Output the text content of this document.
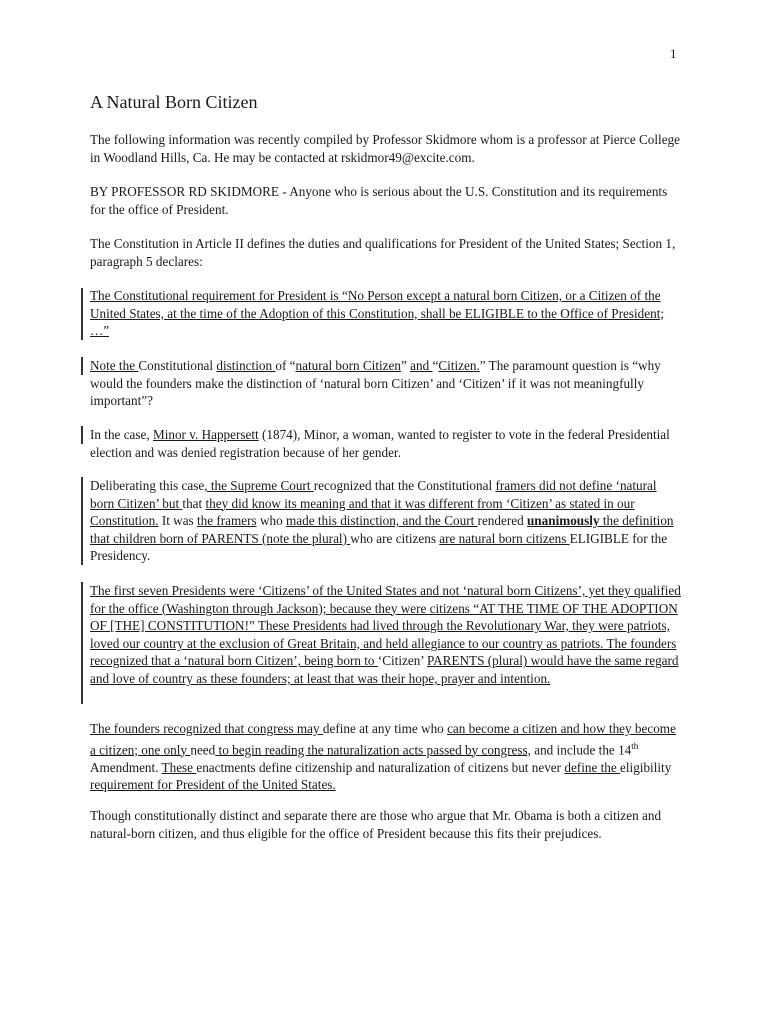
1
A Natural Born Citizen

The following information was recently compiled by Professor Skidmore whom is a professor at Pierce College in Woodland Hills, Ca. He may be contacted at rskidmor49@excite.com.

BY PROFESSOR RD SKIDMORE - Anyone who is serious about the U.S. Constitution and its requirements for the office of President.

The Constitution in Article II defines the duties and qualifications for President of the United States; Section 1, paragraph 5 declares:

The Constitutional requirement for President is “No Person except a natural born Citizen, or a Citizen of the United States, at the time of the Adoption of this Constitution, shall be ELIGIBLE to the Office of President; …”

Note the Constitutional distinction of “natural born Citizen” and “Citizen.” The paramount question is “why would the founders make the distinction of ‘natural born Citizen’ and ‘Citizen’ if it was not meaningfully important”?

In the case, Minor v. Happersett (1874), Minor, a woman, wanted to register to vote in the federal Presidential election and was denied registration because of her gender.

Deliberating this case, the Supreme Court recognized that the Constitutional framers did not define ‘natural born Citizen’ but that they did know its meaning and that it was different from ‘Citizen’ as stated in our Constitution. It was the framers who made this distinction, and the Court rendered unanimously the definition that children born of PARENTS (note the plural) who are citizens are natural born citizens ELIGIBLE for the Presidency.

The first seven Presidents were ‘Citizens’ of the United States and not ‘natural born Citizens’, yet they qualified for the office (Washington through Jackson); because they were citizens “AT THE TIME OF THE ADOPTION OF [THE] CONSTITUTION!” These Presidents had lived through the Revolutionary War, they were patriots, loved our country at the exclusion of Great Britain, and held allegiance to our country as patriots. The founders recognized that a ‘natural born Citizen’, being born to ‘Citizen’ PARENTS (plural) would have the same regard and love of country as these founders; at least that was their hope, prayer and intention.

The founders recognized that congress may define at any time who can become a citizen and how they become a citizen; one only need to begin reading the naturalization acts passed by congress, and include the 14th Amendment. These enactments define citizenship and naturalization of citizens but never define the eligibility requirement for President of the United States.

Though constitutionally distinct and separate there are those who argue that Mr. Obama is both a citizen and natural-born citizen, and thus eligible for the office of President because this fits their prejudices.
